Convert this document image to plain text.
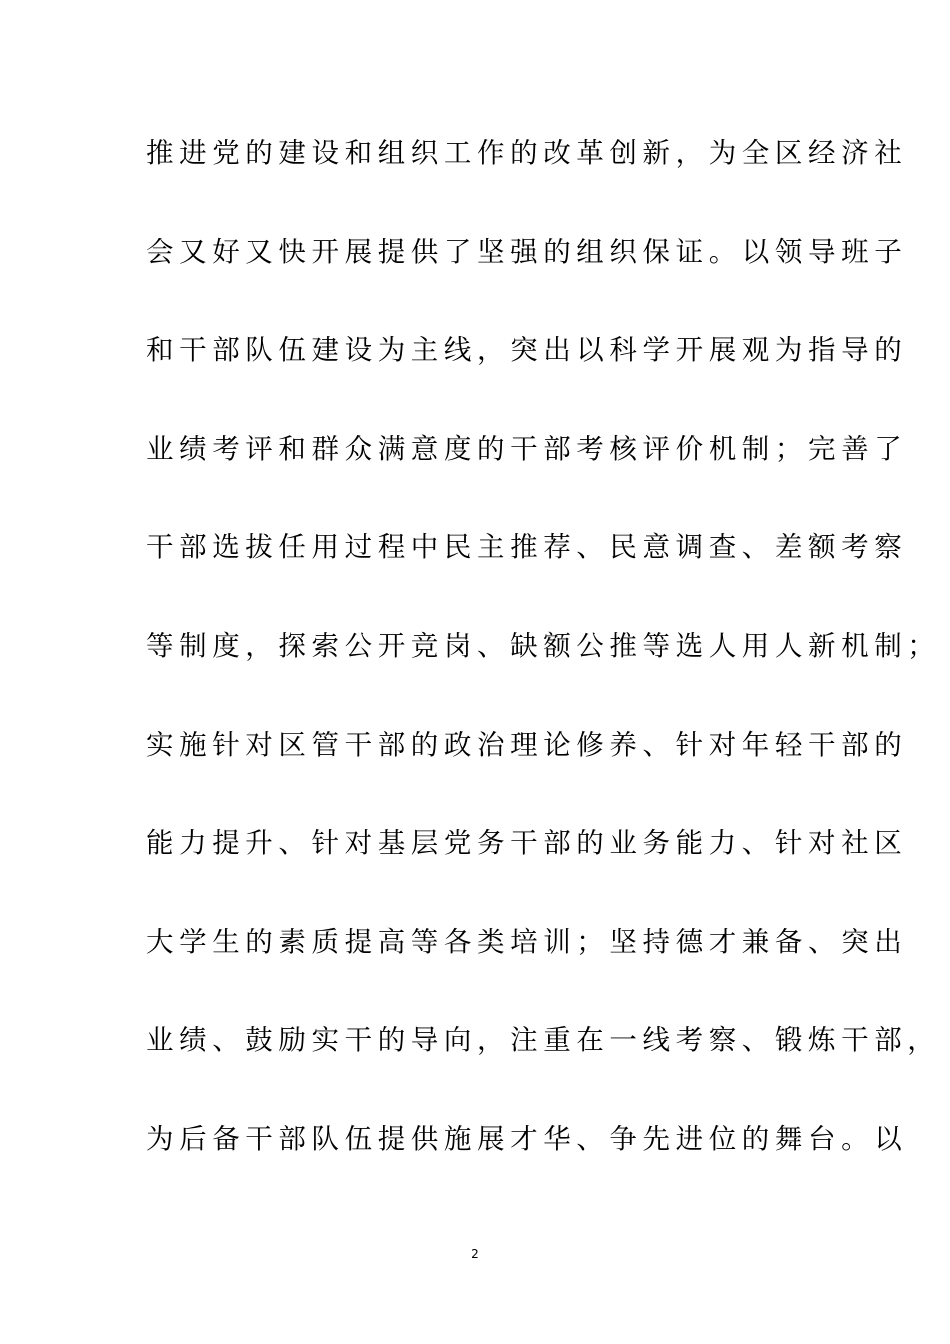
推进党的建设和组织工作的改革创新，为全区经济社
会又好又快开展提供了坚强的组织保证。以领导班子
和干部队伍建设为主线，突出以科学开展观为指导的
业绩考评和群众满意度的干部考核评价机制；完善了
干部选拔任用过程中民主推荐、民意调查、差额考察
等制度，探索公开竞岗、缺额公推等选人用人新机制；
实施针对区管干部的政治理论修养、针对年轻干部的
能力提升、针对基层党务干部的业务能力、针对社区
大学生的素质提高等各类培训；坚持德才兼备、突出
业绩、鼓励实干的导向，注重在一线考察、锻炼干部，
为后备干部队伍提供施展才华、争先进位的舞台。以
2
